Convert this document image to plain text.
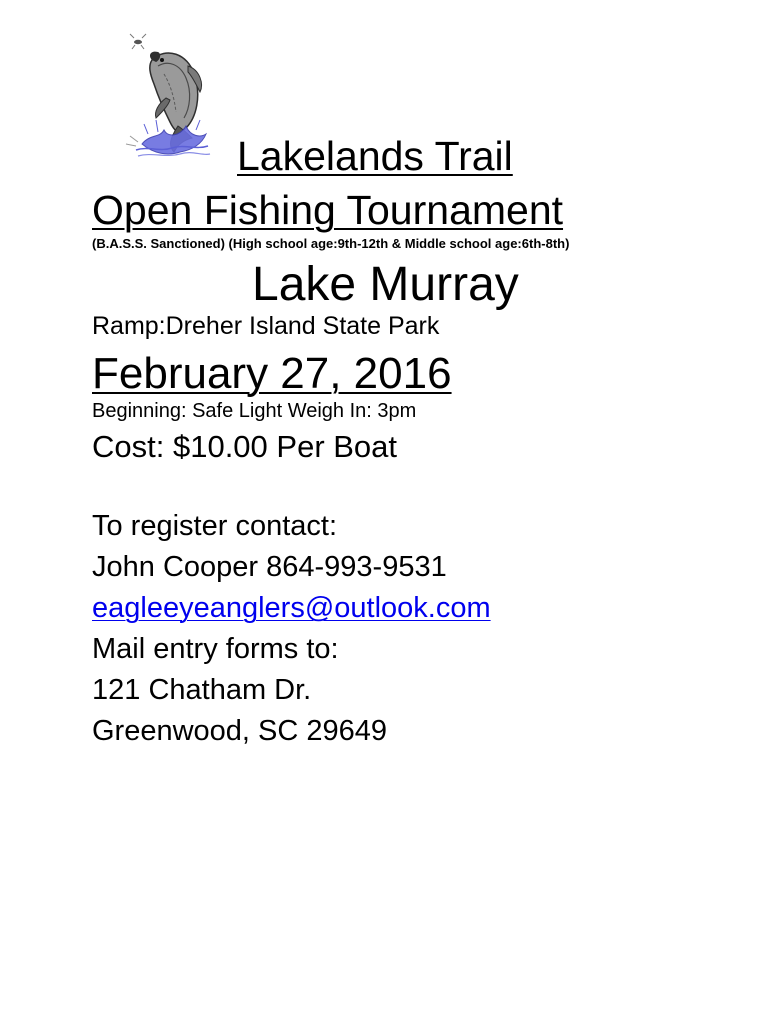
Lakelands Trail
Open Fishing Tournament
(B.A.S.S. Sanctioned) (High school age:9th-12th & Middle school age:6th-8th)
Lake Murray
Ramp:Dreher Island State Park
February 27, 2016
Beginning: Safe Light Weigh In: 3pm
Cost: $10.00 Per Boat
To register contact:
John Cooper 864-993-9531
eagleeyeanglers@outlook.com
Mail entry forms to:
121 Chatham Dr.
Greenwood, SC 29649
